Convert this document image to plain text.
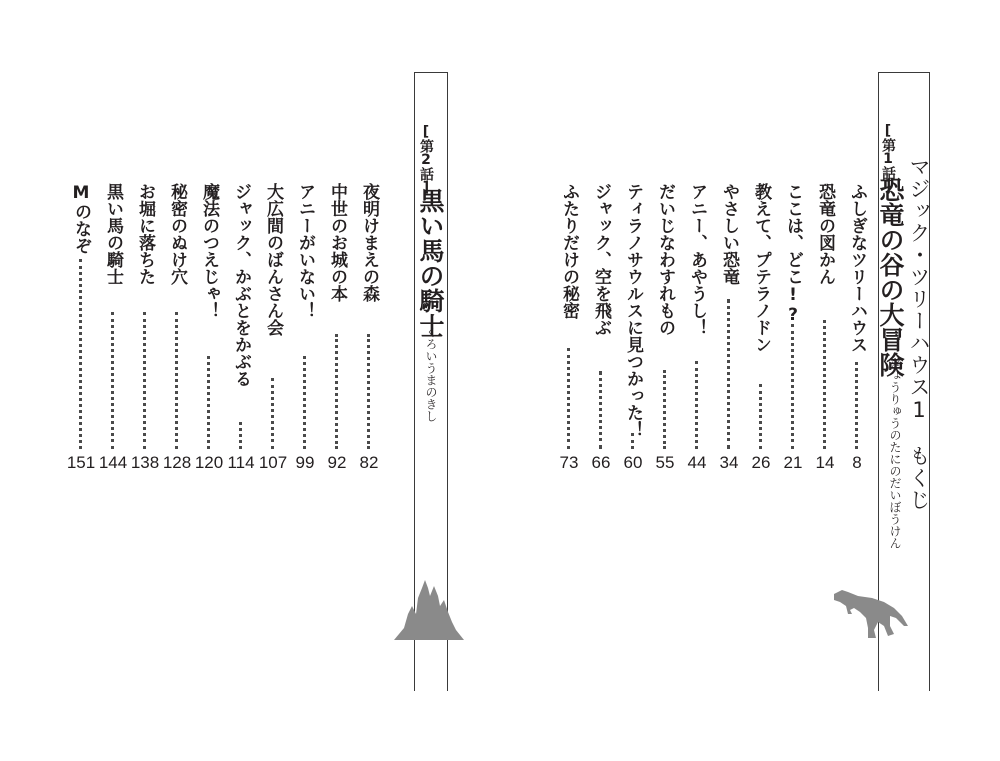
マジック・ツリーハウス1　もくじ

[第1話]

恐竜の谷の大冒険

きょうりゅうのたにのだいぼうけん

[第2話]

黒い馬の騎士

くろいうまのきし

ふしぎなツリーハウス

8

恐竜の図かん

14

ここは、どこ!?

21

教えて、プテラノドン

26

やさしい恐竜

34

アニー、あやうし！

44

だいじなわすれもの

55

ティラノサウルスに見つかった！

60

ジャック、空を飛ぶ

66

ふたりだけの秘密

73

夜明けまえの森

82

中世のお城の本

92

アニーがいない！

99

大広間のばんさん会

107

ジャック、かぶとをかぶる

114

魔法のつえじゃ！

120

秘密のぬけ穴

128

お堀に落ちた

138

黒い馬の騎士

144

Mのなぞ

151
